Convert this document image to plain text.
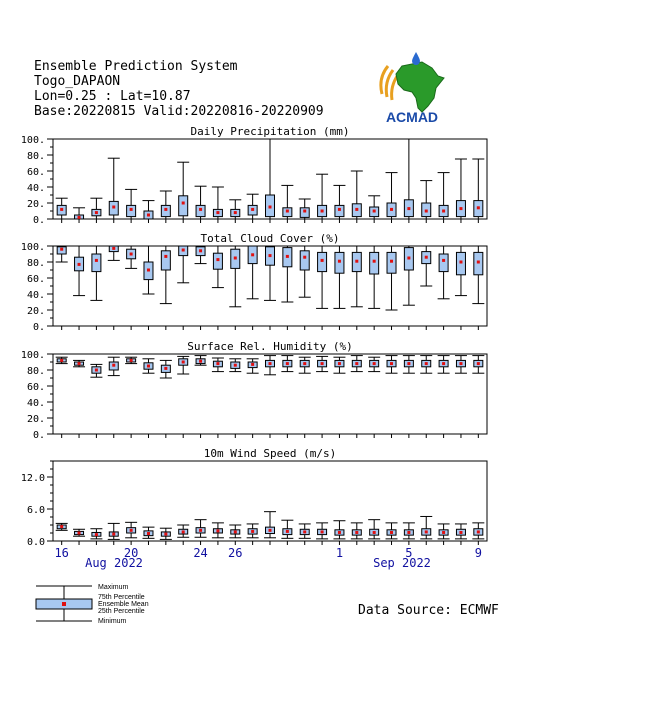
Ensemble Prediction System
Togo_DAPAON
Lon=0.25 : Lat=10.87
Base:20220815 Valid:20220816-20220909	ACMAD
Daily Precipitation (mm)
0.
20.
40.
60.
80.
100.
Total Cloud Cover (%)
0.
20.
40.
60.
80.
100.
Surface Rel. Humidity (%)
0.
20.
40.
60.
80.
100.
10m Wind Speed (m/s)
0.0
6.0
12.0
16	20	24 26	1	5	9
Aug 2022	Sep 2022
Maximum
75th Percentile
Ensemble Mean
25th Percentile
Minimum
Data Source: ECMWF
